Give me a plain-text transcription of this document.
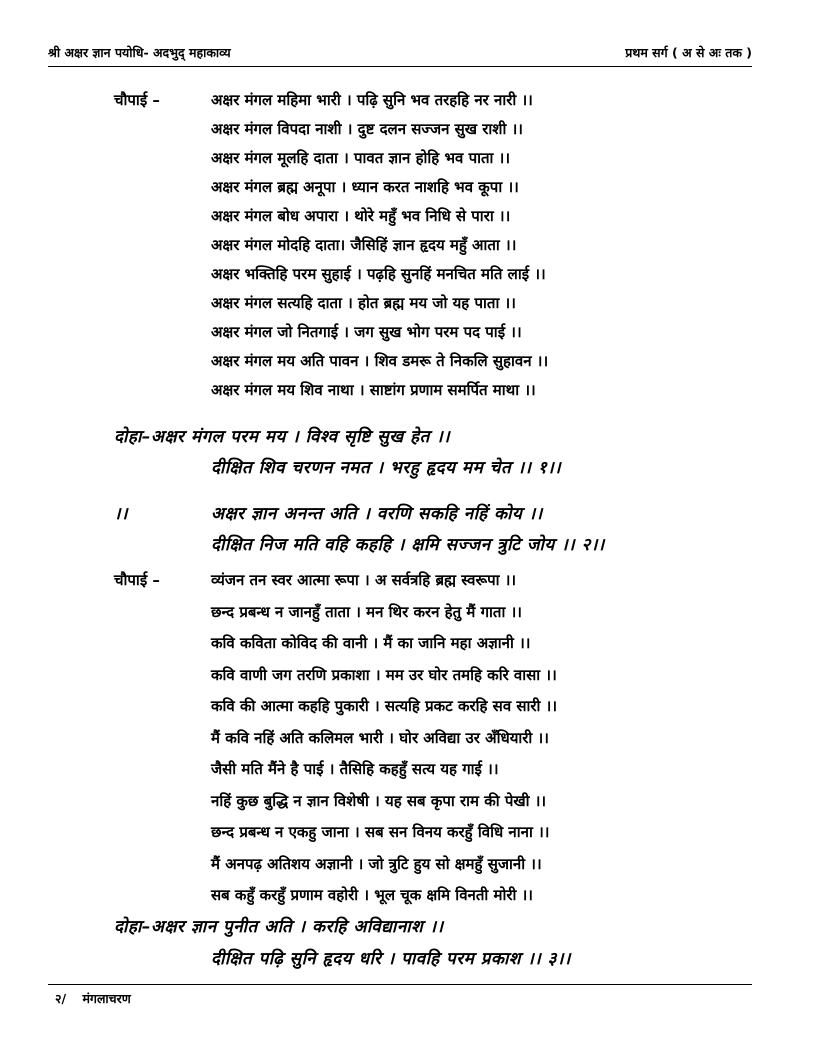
श्री अक्षर ज्ञान पयोधि- अदभुद् महाकाव्य	प्रथम सर्ग ( अ से अः तक )
चौपाई –	अक्षर मंगल महिमा भारी । पढ़ि सुनि भव तरहहि नर नारी ।।
अक्षर मंगल विपदा नाशी । दुष्ट दलन सज्जन सुख राशी ।।
अक्षर मंगल मूलहि दाता । पावत ज्ञान होहि भव पाता ।।
अक्षर मंगल ब्रह्म अनूपा । ध्यान करत नाशहि भव कूपा ।।
अक्षर मंगल बोध अपारा । थोरे महुँ भव निधि से पारा ।।
अक्षर मंगल मोदहि दाता। जैसिहिं ज्ञान हृदय महुँ आता ।।
अक्षर भक्तिहि परम सुहाई । पढ़हि सुनहिं मनचित मति लाई ।।
अक्षर मंगल सत्यहि दाता । होत ब्रह्म मय जो यह पाता ।।
अक्षर मंगल जो नितगाई । जग सुख भोग परम पद पाई ।।
अक्षर मंगल मय अति पावन । शिव डमरू ते निकलि सुहावन ।।
अक्षर मंगल मय शिव नाथा । साष्टांग प्रणाम समर्पित माथा ।।
दोहा–अक्षर मंगल परम मय । विश्व सृष्टि सुख हेत ।।
दीक्षित शिव चरणन नमत । भरहु हृदय मम चेत ।। १।।
।।	अक्षर ज्ञान अनन्त अति । वरणि सकहि नहिं कोय ।।
दीक्षित निज मति वहि कहहि । क्षमि सज्जन त्रुटि जोय ।। २।।
चौपाई –	व्यंजन तन स्वर आत्मा रूपा । अ सर्वत्रहि ब्रह्म स्वरूपा ।।
छन्द प्रबन्ध न जानहुँ ताता । मन थिर करन हेतु मैं गाता ।।
कवि कविता कोविद की वानी । मैं का जानि महा अज्ञानी ।।
कवि वाणी जग तरणि प्रकाशा । मम उर घोर तमहि करि वासा ।।
कवि की आत्मा कहहि पुकारी । सत्यहि प्रकट करहि सव सारी ।।
मैं कवि नहिं अति कलिमल भारी । घोर अविद्या उर अँधियारी ।।
जैसी मति मैंने है पाई । तैसिहि कहहुँ सत्य यह गाई ।।
नहिं कुछ बुद्धि न ज्ञान विशेषी । यह सब कृपा राम की पेखी ।।
छन्द प्रबन्ध न एकहु जाना । सब सन विनय करहुँ विधि नाना ।।
मैं अनपढ़ अतिशय अज्ञानी । जो त्रुटि हुय सो क्षमहुँ सुजानी ।।
सब कहुँ करहुँ प्रणाम वहोरी । भूल चूक क्षमि विनती मोरी ।।
दोहा–अक्षर ज्ञान पुनीत अति । करहि अविद्यानाश ।।
दीक्षित पढ़ि सुनि हृदय धरि । पावहि परम प्रकाश ।। ३।।
२/ मंगलाचरण
